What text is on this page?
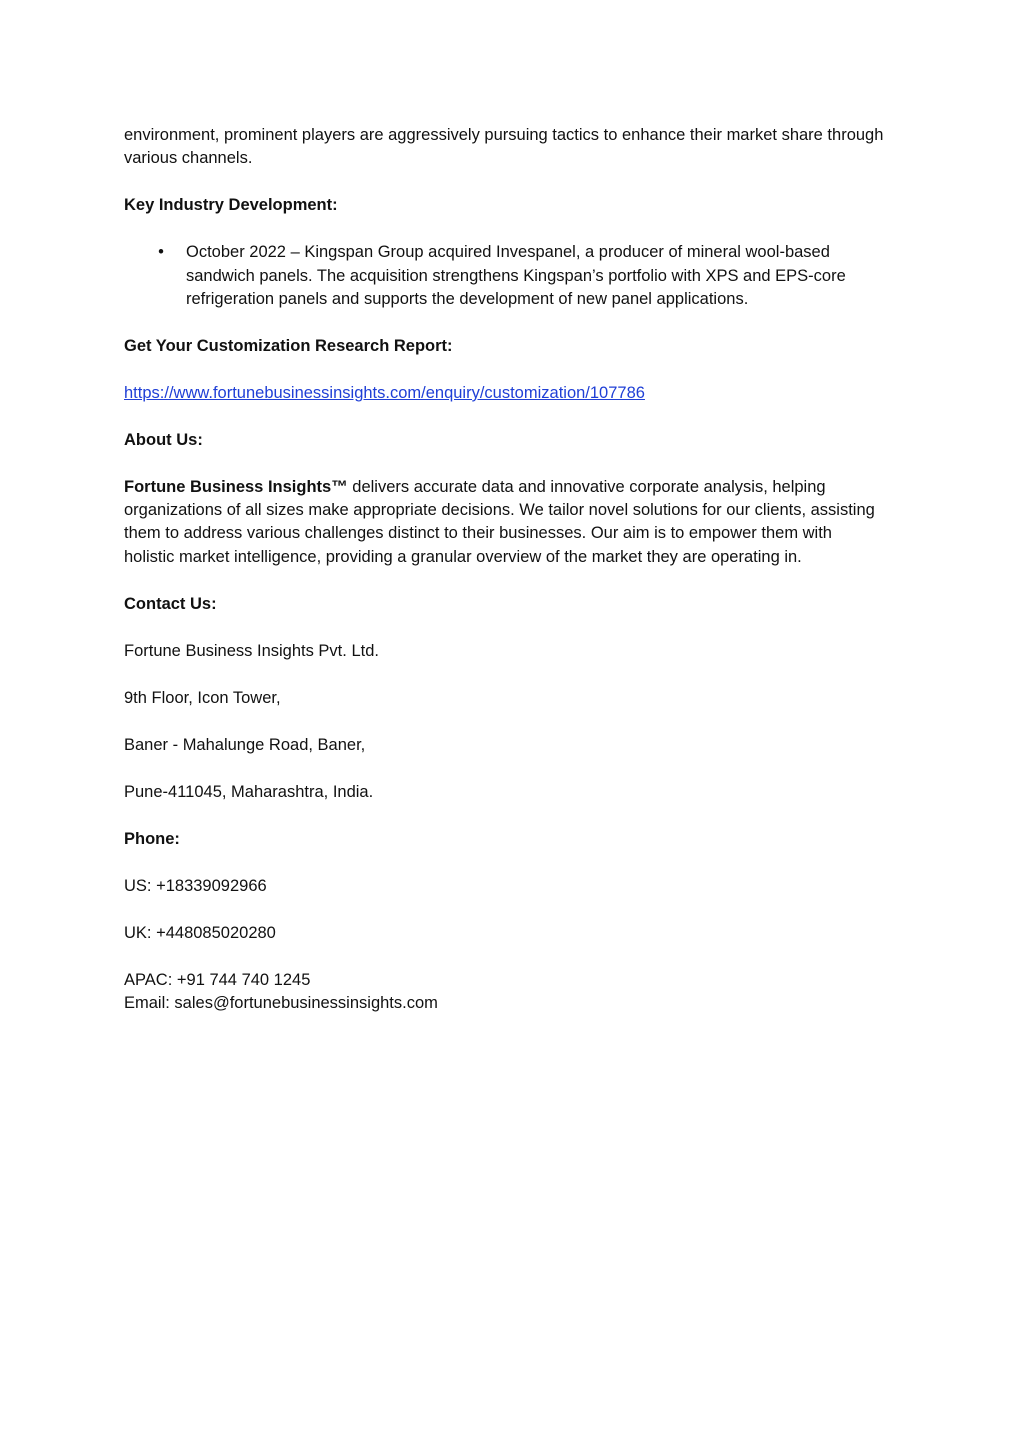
environment, prominent players are aggressively pursuing tactics to enhance their market share through various channels.

Key Industry Development:

• October 2022 – Kingspan Group acquired Invespanel, a producer of mineral wool-based sandwich panels. The acquisition strengthens Kingspan’s portfolio with XPS and EPS-core refrigeration panels and supports the development of new panel applications.

Get Your Customization Research Report:

https://www.fortunebusinessinsights.com/enquiry/customization/107786

About Us:

Fortune Business Insights™ delivers accurate data and innovative corporate analysis, helping organizations of all sizes make appropriate decisions. We tailor novel solutions for our clients, assisting them to address various challenges distinct to their businesses. Our aim is to empower them with holistic market intelligence, providing a granular overview of the market they are operating in.

Contact Us:

Fortune Business Insights Pvt. Ltd.

9th Floor, Icon Tower,

Baner - Mahalunge Road, Baner,

Pune-411045, Maharashtra, India.

Phone:

US: +18339092966

UK: +448085020280

APAC: +91 744 740 1245

Email: sales@fortunebusinessinsights.com
